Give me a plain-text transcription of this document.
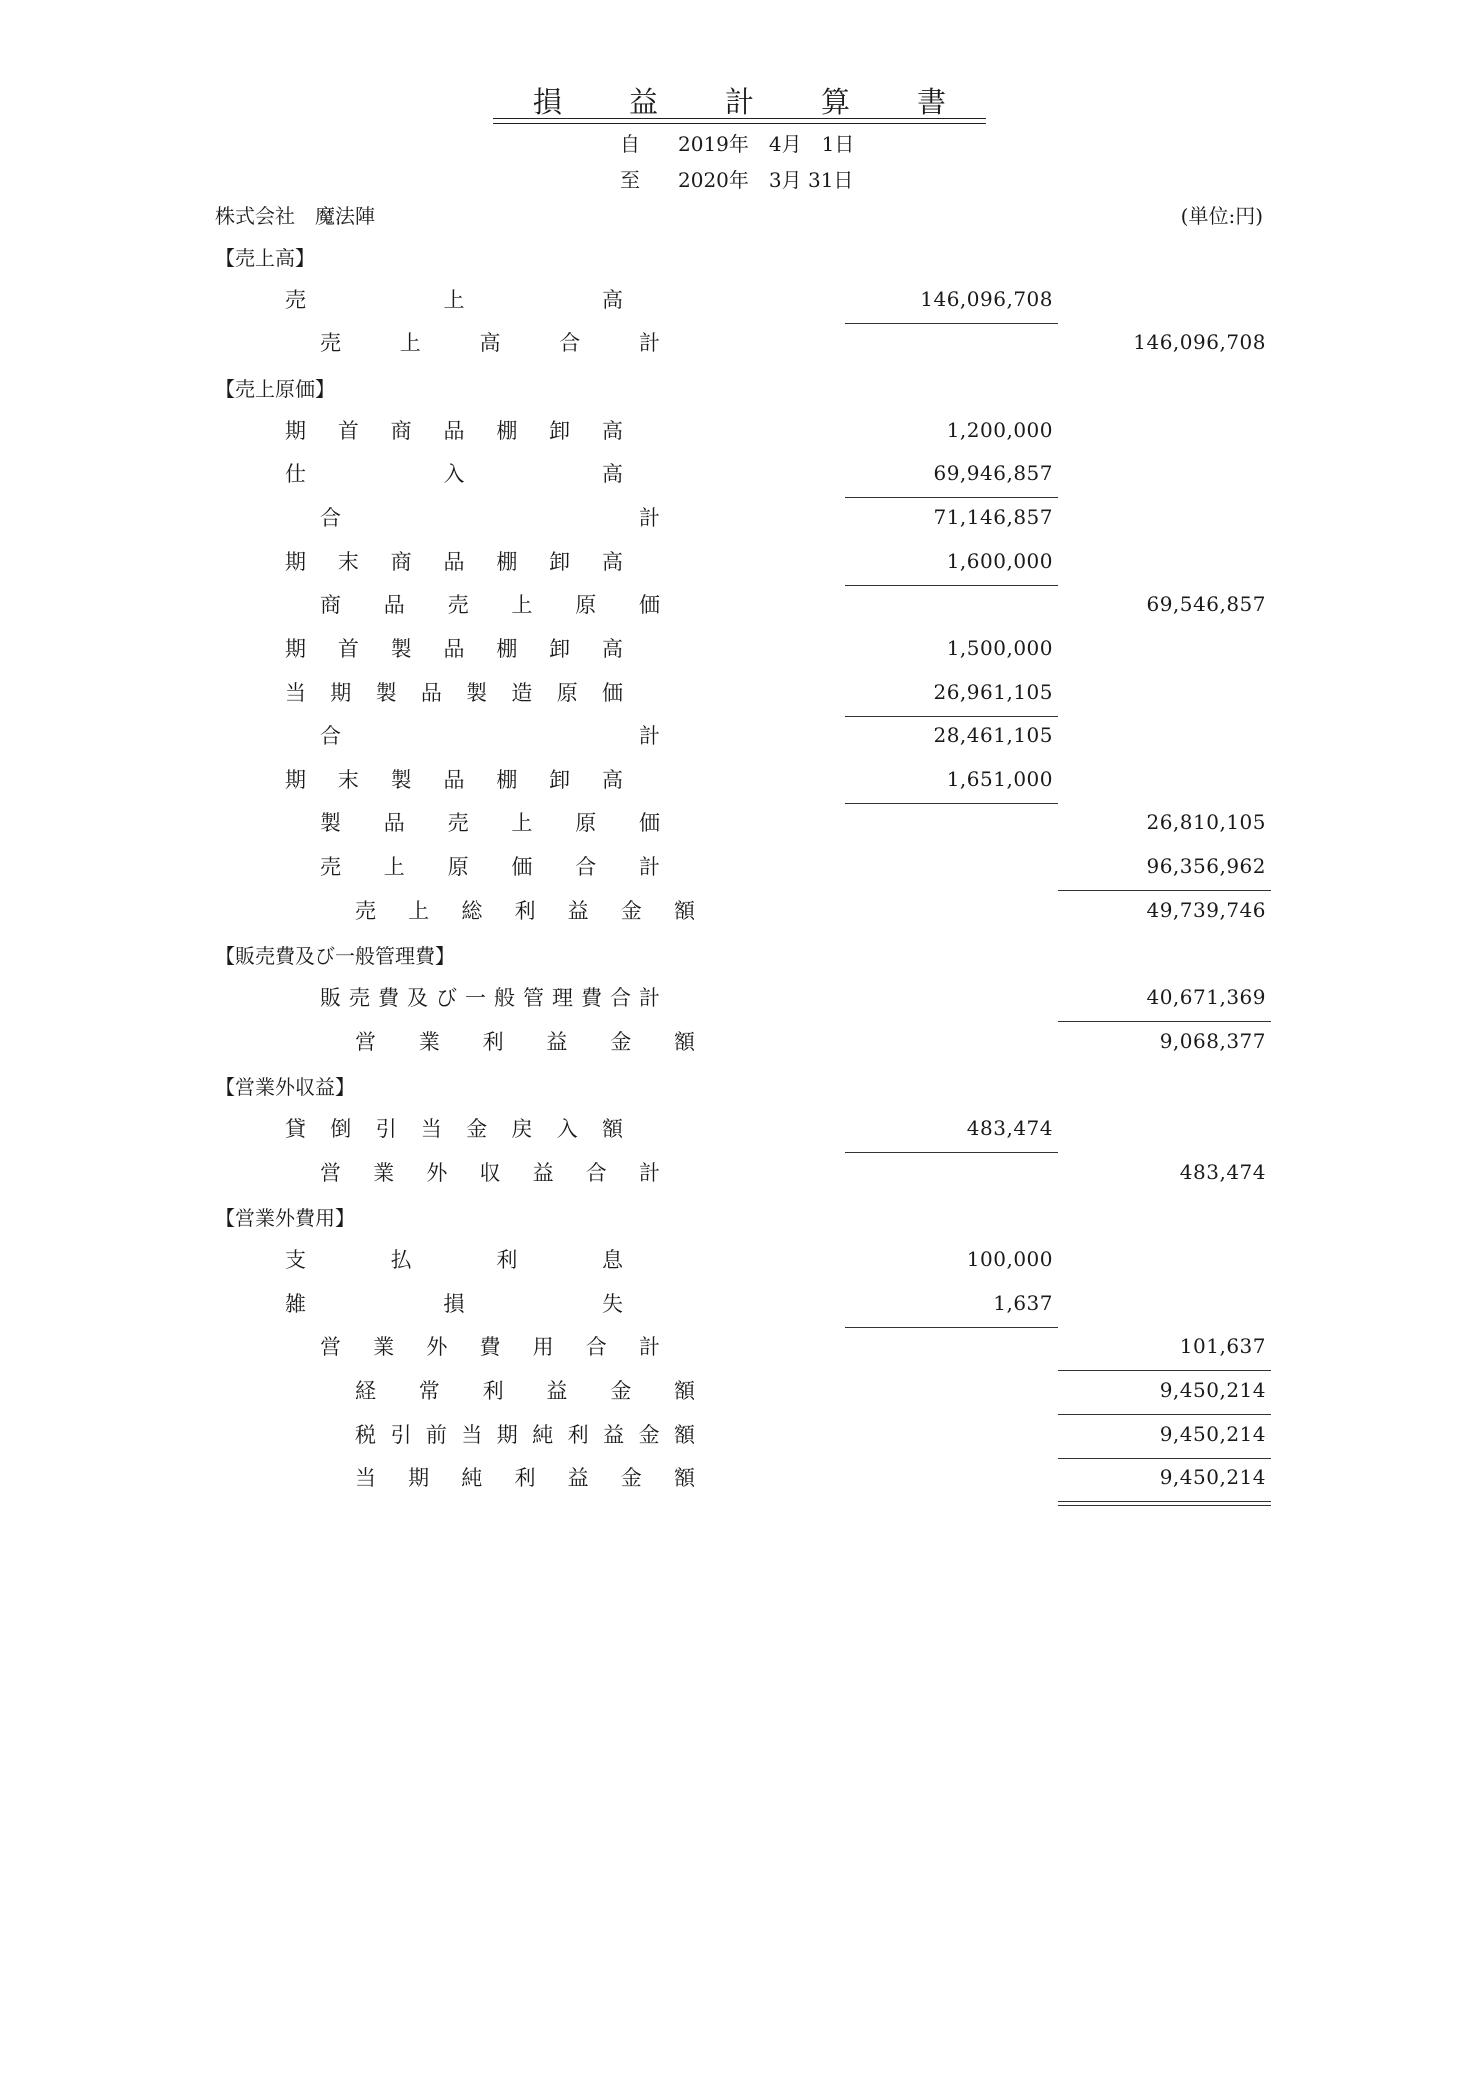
損 益 計 算 書
自 2019年　4月　1日
至 2020年　3月 31日
株式会社　魔法陣	(単位:円)
【売上高】
売	上	高	146,096,708
売	上	高	合	計	146,096,708
【売上原価】
期 首 商 品 棚 卸 高	1,200,000
仕	入	高	69,946,857
合	計	71,146,857
期 末 商 品 棚 卸 高	1,600,000
商 品 売 上 原 価	69,546,857
期 首 製 品 棚 卸 高	1,500,000
当 期 製 品 製 造 原 価	26,961,105
合	計	28,461,105
期 末 製 品 棚 卸 高	1,651,000
製 品 売 上 原 価	26,810,105
売 上 原 価 合 計	96,356,962
売 上 総 利 益 金 額	49,739,746
【販売費及び一般管理費】
販 売 費 及 び 一 般 管 理 費 合 計	40,671,369
営 業 利 益 金 額	9,068,377
【営業外収益】
貸 倒 引 当 金 戻 入 額	483,474
営 業 外 収 益 合 計	483,474
【営業外費用】
支	払	利	息	100,000
雑	損	失	1,637
営 業 外 費 用 合 計	101,637
経 常 利 益 金 額	9,450,214
税 引 前 当 期 純 利 益 金 額	9,450,214
当 期 純 利 益 金 額	9,450,214
